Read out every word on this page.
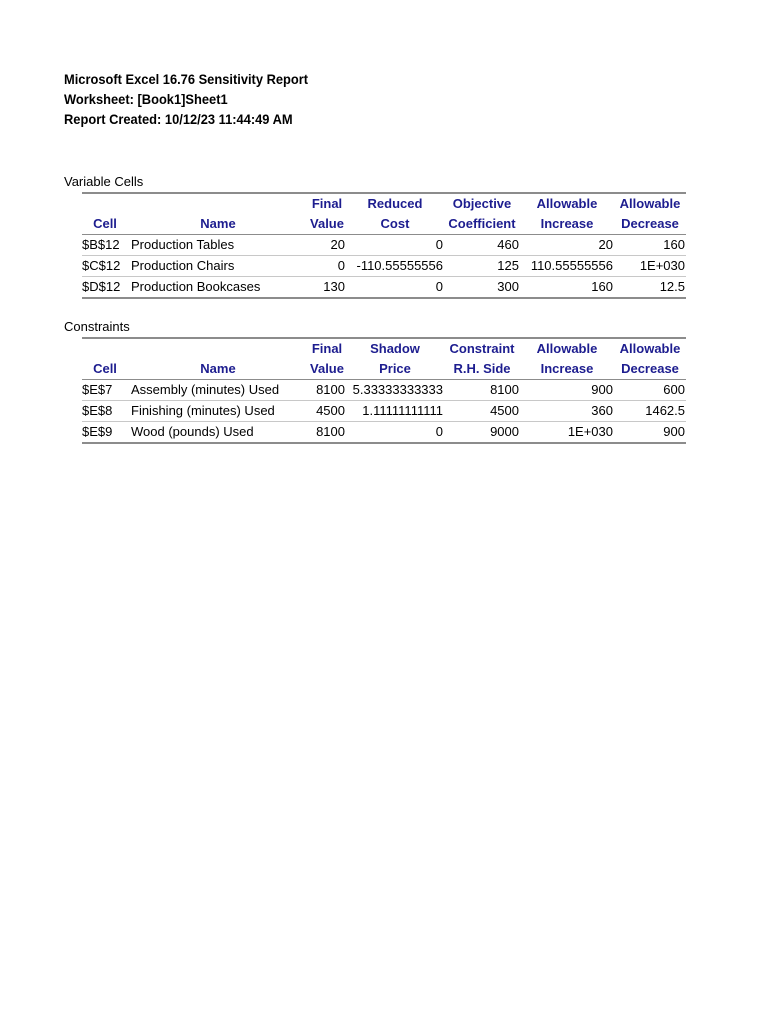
Microsoft Excel 16.76 Sensitivity Report
Worksheet: [Book1]Sheet1
Report Created: 10/12/23 11:44:49 AM
Variable Cells
		Final	Reduced	Objective	Allowable	Allowable
Cell	Name	Value	Cost	Coefficient	Increase	Decrease
$B$12	Production Tables	20	0	460	20	160
$C$12	Production Chairs	0	-110.55555556	125	110.55555556	1E+030
$D$12	Production Bookcases	130	0	300	160	12.5
Constraints
		Final	Shadow	Constraint	Allowable	Allowable
Cell	Name	Value	Price	R.H. Side	Increase	Decrease
$E$7	Assembly (minutes) Used	8100	5.33333333333	8100	900	600
$E$8	Finishing (minutes) Used	4500	1.11111111111	4500	360	1462.5
$E$9	Wood (pounds) Used	8100	0	9000	1E+030	900
